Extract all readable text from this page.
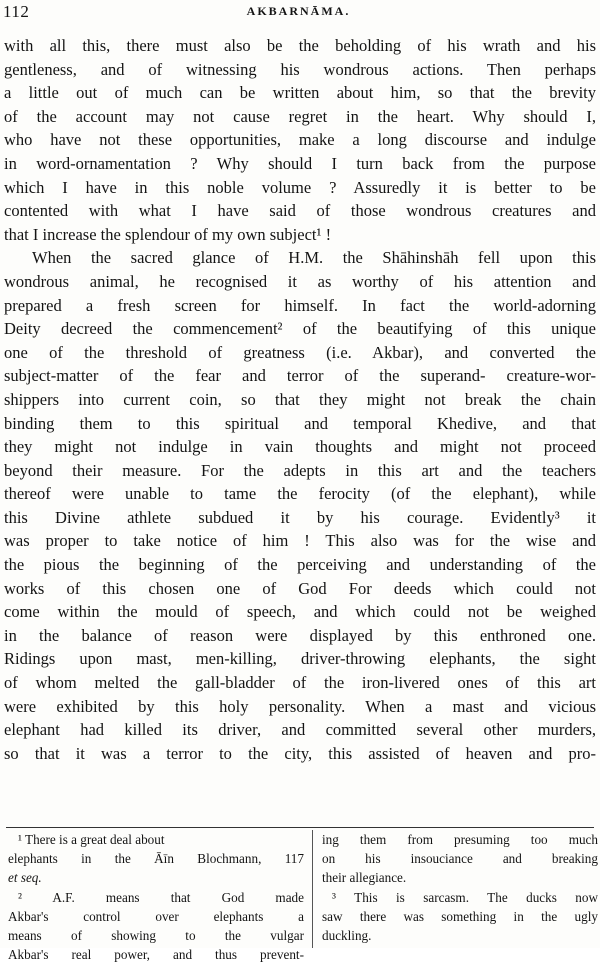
112	AKBARNĀMA.
with all this, there must also be the beholding of his wrath and his
gentleness, and of witnessing his wondrous actions. Then perhaps
a little out of much can be written about him, so that the brevity
of the account may not cause regret in the heart. Why should I,
who have not these opportunities, make a long discourse and indulge
in word-ornamentation ? Why should I turn back from the purpose
which I have in this noble volume ? Assuredly it is better to be
contented with what I have said of those wondrous creatures and
that I increase the splendour of my own subject¹ !
When the sacred glance of H.M. the Shāhinshāh fell upon this
wondrous animal, he recognised it as worthy of his attention and
prepared a fresh screen for himself. In fact the world-adorning
Deity decreed the commencement² of the beautifying of this unique
one of the threshold of greatness (i.e. Akbar), and converted the
subject-matter of the fear and terror of the superand- creature-wor-
shippers into current coin, so that they might not break the chain
binding them to this spiritual and temporal Khedive, and that
they might not indulge in vain thoughts and might not proceed
beyond their measure. For the adepts in this art and the teachers
thereof were unable to tame the ferocity (of the elephant), while
this Divine athlete subdued it by his courage. Evidently³ it
was proper to take notice of him ! This also was for the wise and
the pious the beginning of the perceiving and understanding of the
works of this chosen one of God For deeds which could not
come within the mould of speech, and which could not be weighed
in the balance of reason were displayed by this enthroned one.
Ridings upon mast, men-killing, driver-throwing elephants, the sight
of whom melted the gall-bladder of the iron-livered ones of this art
were exhibited by this holy personality. When a mast and vicious
elephant had killed its driver, and committed several other murders,
so that it was a terror to the city, this assisted of heaven and pro-
¹ There is a great deal about
elephants in the Āīn Blochmann, 117
et seq.
² A.F. means that God made
Akbar's control over elephants a
means of showing to the vulgar
Akbar's real power, and thus prevent-
ing them from presuming too much
on his insouciance and breaking
their allegiance.
³ This is sarcasm. The ducks now
saw there was something in the ugly
duckling.
